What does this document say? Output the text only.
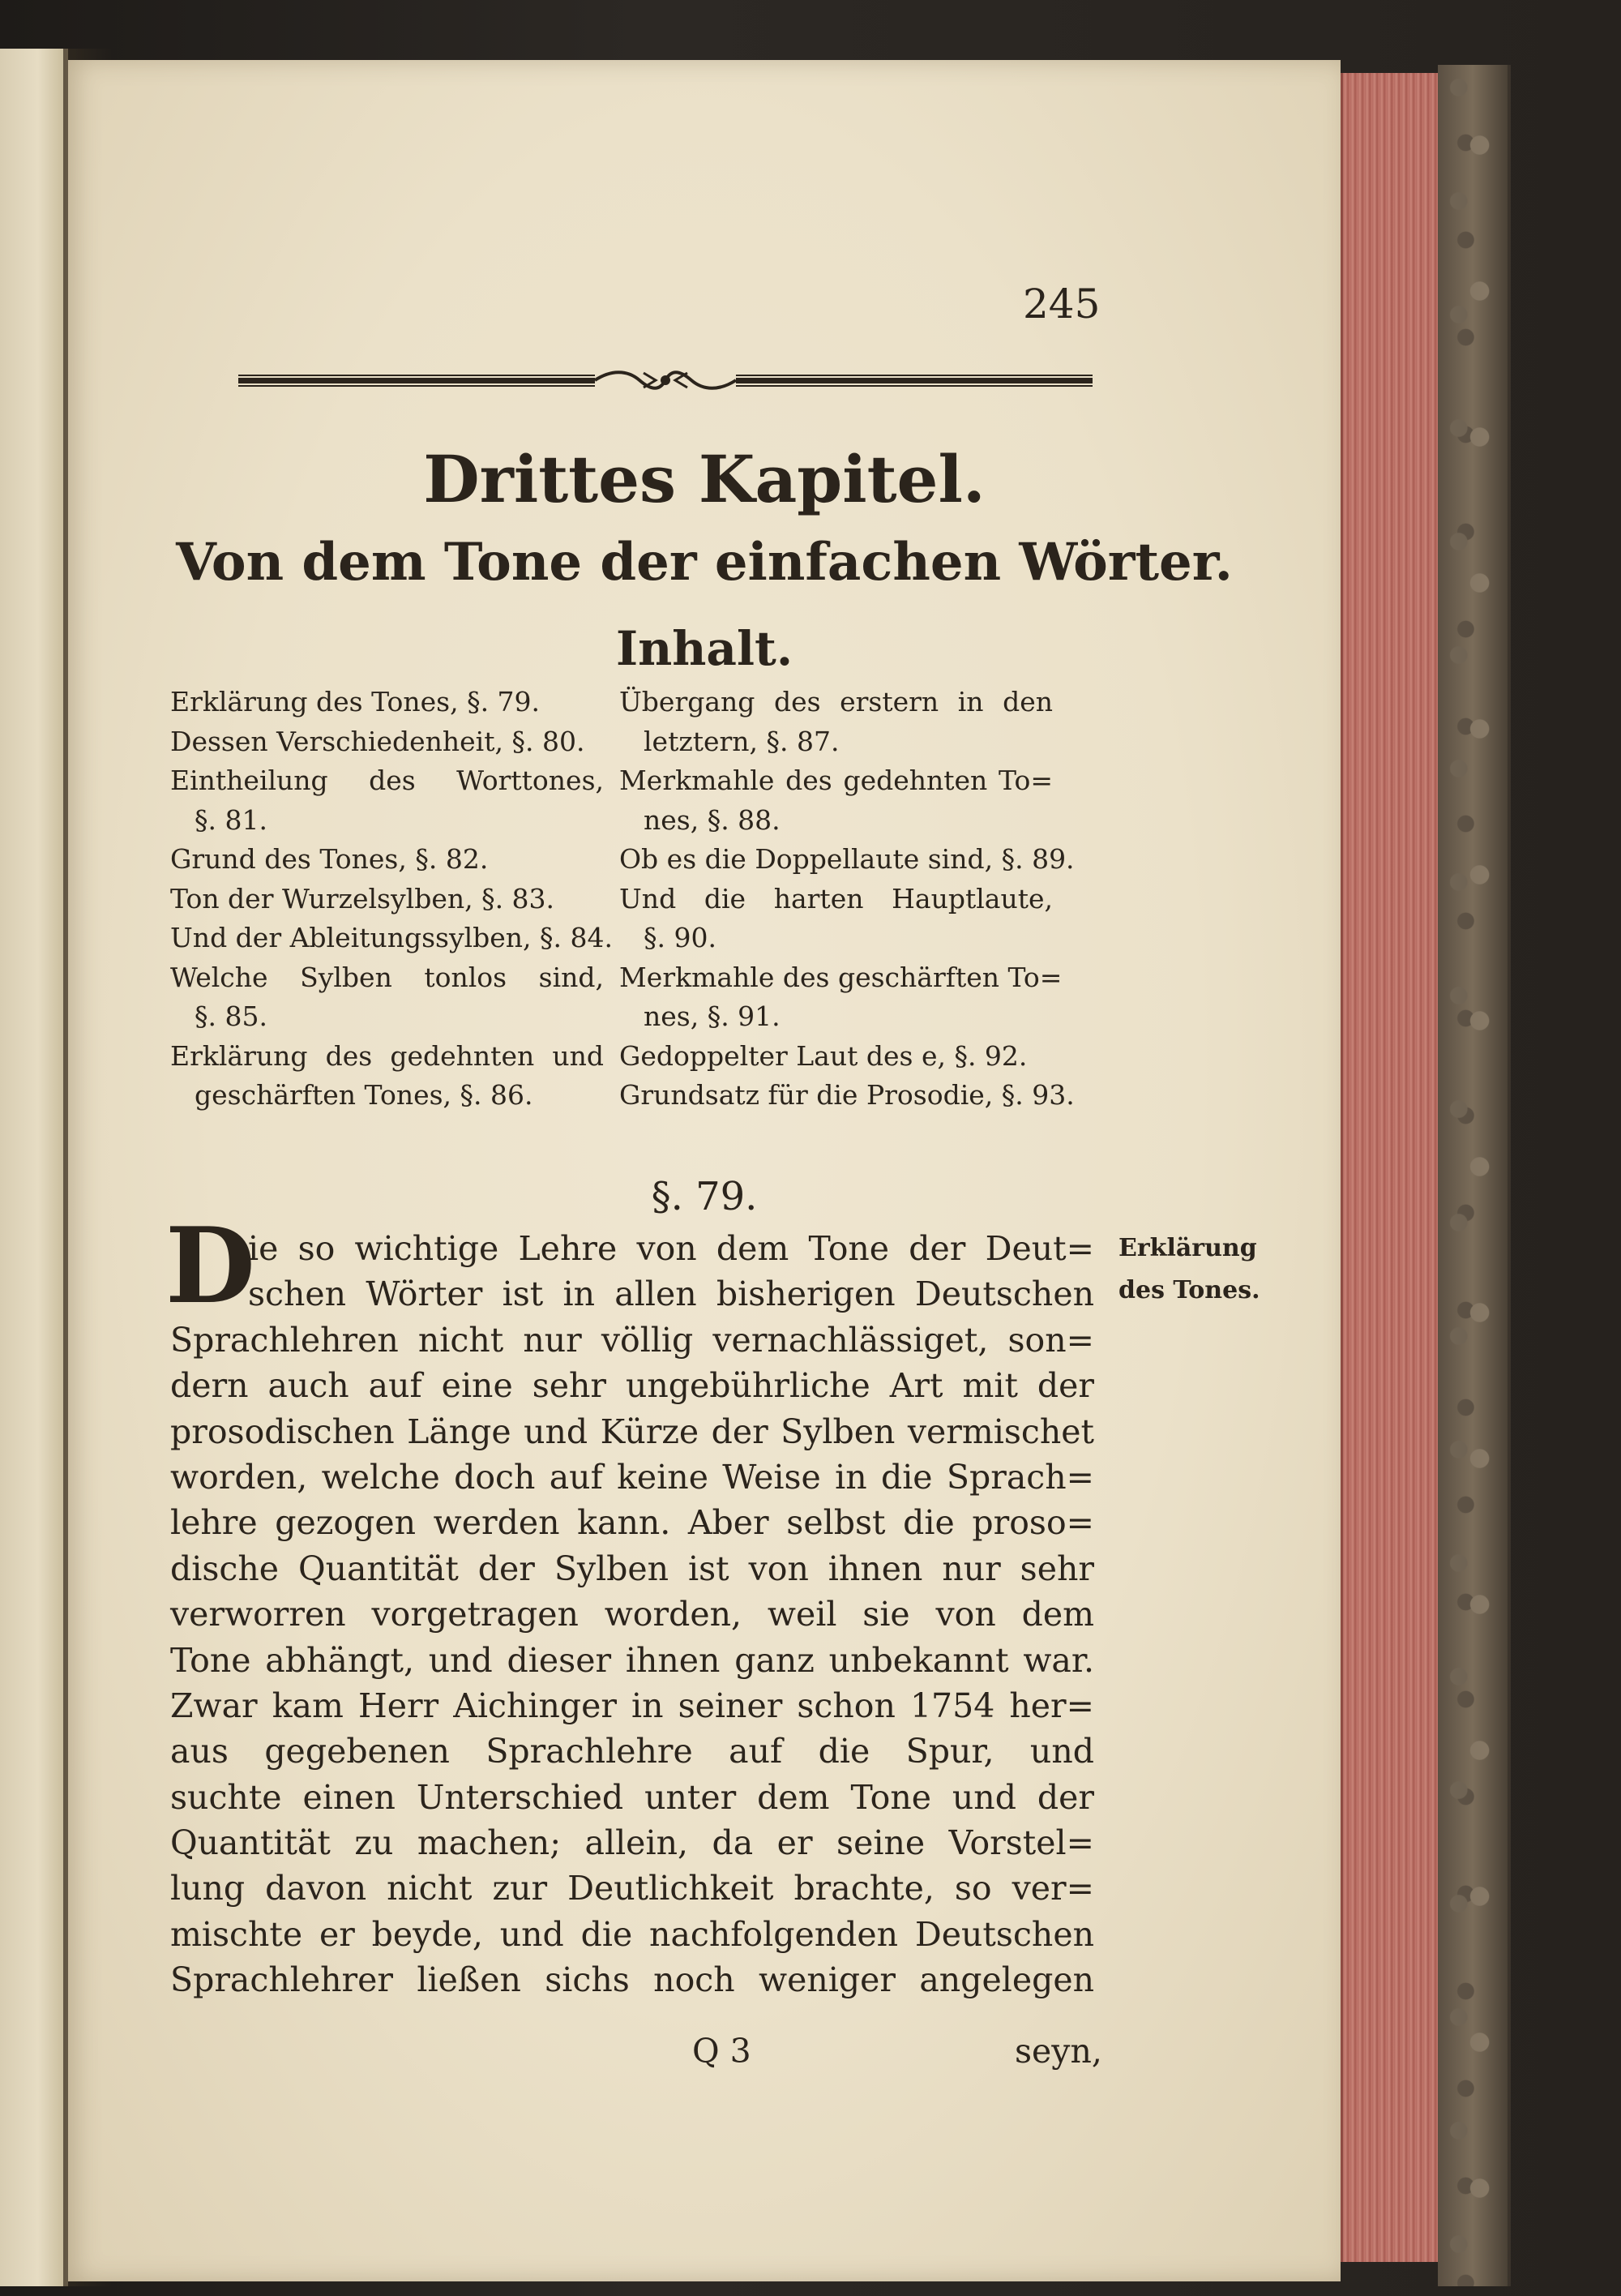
245
Drittes Kapitel.
Von dem Tone der einfachen Wörter.
Inhalt.
Erklärung des Tones, §. 79.
Dessen Verschiedenheit, §. 80.
Eintheilung des Worttones,
§. 81.
Grund des Tones, §. 82.
Ton der Wurzelsylben, §. 83.
Und der Ableitungssylben, §. 84.
Welche Sylben tonlos sind,
§. 85.
Erklärung des gedehnten und
geschärften Tones, §. 86.
Übergang des erstern in den
letztern, §. 87.
Merkmahle des gedehnten To=
nes, §. 88.
Ob es die Doppellaute sind, §. 89.
Und die harten Hauptlaute,
§. 90.
Merkmahle des geschärften To=
nes, §. 91.
Gedoppelter Laut des e, §. 92.
Grundsatz für die Prosodie, §. 93.
§. 79.
D	Erklärung
des Tones.
ie so wichtige Lehre von dem Tone der Deut=
schen Wörter ist in allen bisherigen Deutschen
Sprachlehren nicht nur völlig vernachlässiget, son=
dern auch auf eine sehr ungebührliche Art mit der
prosodischen Länge und Kürze der Sylben vermischet
worden, welche doch auf keine Weise in die Sprach=
lehre gezogen werden kann. Aber selbst die proso=
dische Quantität der Sylben ist von ihnen nur sehr
verworren vorgetragen worden, weil sie von dem
Tone abhängt, und dieser ihnen ganz unbekannt war.
Zwar kam Herr Aichinger in seiner schon 1754 her=
aus gegebenen Sprachlehre auf die Spur, und
suchte einen Unterschied unter dem Tone und der
Quantität zu machen; allein, da er seine Vorstel=
lung davon nicht zur Deutlichkeit brachte, so ver=
mischte er beyde, und die nachfolgenden Deutschen
Sprachlehrer ließen sichs noch weniger angelegen
Q 3	seyn,
